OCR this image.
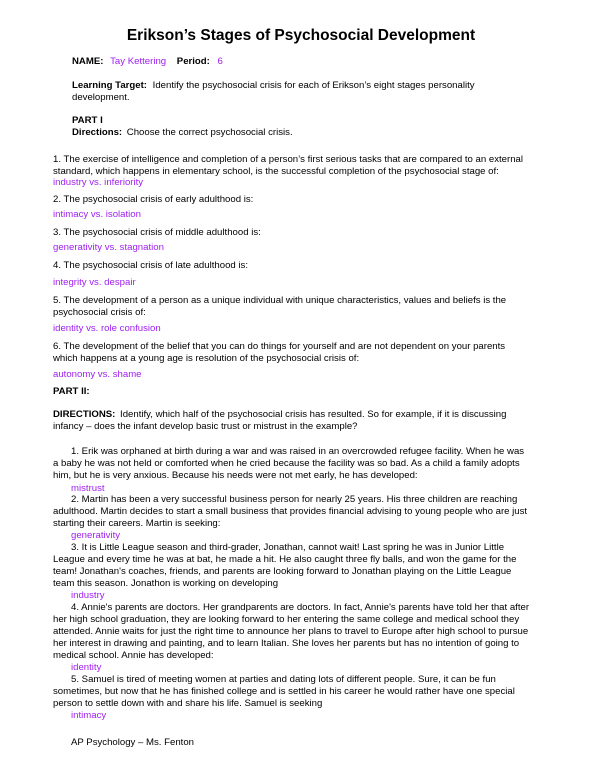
Erikson’s Stages of Psychosocial Development
NAME: Tay Kettering Period: 6
Learning Target: Identify the psychosocial crisis for each of Erikson’s eight stages personality
development.
PART I
Directions: Choose the correct psychosocial crisis.
1. The exercise of intelligence and completion of a person’s first serious tasks that are compared to an external
standard, which happens in elementary school, is the successful completion of the psychosocial stage of:
industry vs. inferiority
2. The psychosocial crisis of early adulthood is:
intimacy vs. isolation
3. The psychosocial crisis of middle adulthood is:
generativity vs. stagnation
4. The psychosocial crisis of late adulthood is:
integrity vs. despair
5. The development of a person as a unique individual with unique characteristics, values and beliefs is the
psychosocial crisis of:
identity vs. role confusion
6. The development of the belief that you can do things for yourself and are not dependent on your parents
which happens at a young age is resolution of the psychosocial crisis of:
autonomy vs. shame
PART II:
DIRECTIONS: Identify, which half of the psychosocial crisis has resulted. So for example, if it is discussing
infancy – does the infant develop basic trust or mistrust in the example?
1. Erik was orphaned at birth during a war and was raised in an overcrowded refugee facility. When he was
a baby he was not held or comforted when he cried because the facility was so bad. As a child a family adopts
him, but he is very anxious. Because his needs were not met early, he has developed:
mistrust
2. Martin has been a very successful business person for nearly 25 years. His three children are reaching
adulthood. Martin decides to start a small business that provides financial advising to young people who are just
starting their careers. Martin is seeking:
generativity
3. It is Little League season and third-grader, Jonathan, cannot wait! Last spring he was in Junior Little
League and every time he was at bat, he made a hit. He also caught three fly balls, and won the game for the
team! Jonathan's coaches, friends, and parents are looking forward to Jonathan playing on the Little League
team this season. Jonathon is working on developing
industry
4. Annie's parents are doctors. Her grandparents are doctors. In fact, Annie's parents have told her that after
her high school graduation, they are looking forward to her entering the same college and medical school they
attended. Annie waits for just the right time to announce her plans to travel to Europe after high school to pursue
her interest in drawing and painting, and to learn Italian. She loves her parents but has no intention of going to
medical school. Annie has developed:
identity
5. Samuel is tired of meeting women at parties and dating lots of different people. Sure, it can be fun
sometimes, but now that he has finished college and is settled in his career he would rather have one special
person to settle down with and share his life. Samuel is seeking
intimacy
AP Psychology – Ms. Fenton
